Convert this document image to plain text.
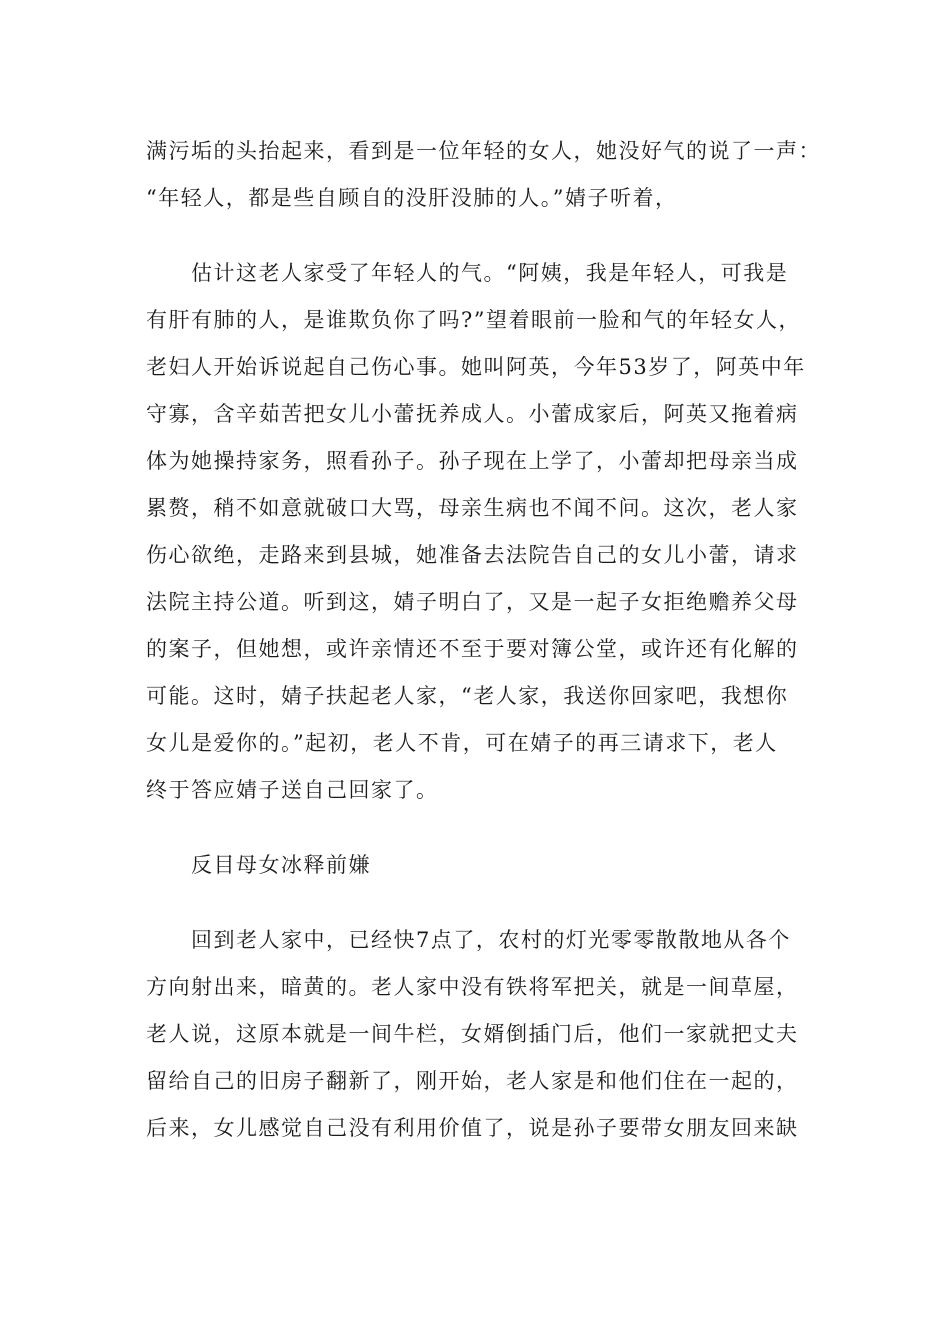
满污垢的头抬起来，看到是一位年轻的女人，她没好气的说了一声：
“年轻人，都是些自顾自的没肝没肺的人。”婧子听着，
　　估计这老人家受了年轻人的气。“阿姨，我是年轻人，可我是
有肝有肺的人，是谁欺负你了吗?”望着眼前一脸和气的年轻女人，
老妇人开始诉说起自己伤心事。她叫阿英，今年53岁了，阿英中年
守寡，含辛茹苦把女儿小蕾抚养成人。小蕾成家后，阿英又拖着病
体为她操持家务，照看孙子。孙子现在上学了，小蕾却把母亲当成
累赘，稍不如意就破口大骂，母亲生病也不闻不问。这次，老人家
伤心欲绝，走路来到县城，她准备去法院告自己的女儿小蕾，请求
法院主持公道。听到这，婧子明白了，又是一起子女拒绝赡养父母
的案子，但她想，或许亲情还不至于要对簿公堂，或许还有化解的
可能。这时，婧子扶起老人家，“老人家，我送你回家吧，我想你
女儿是爱你的。”起初，老人不肯，可在婧子的再三请求下，老人
终于答应婧子送自己回家了。
　　反目母女冰释前嫌
　　回到老人家中，已经快7点了，农村的灯光零零散散地从各个
方向射出来，暗黄的。老人家中没有铁将军把关，就是一间草屋，
老人说，这原本就是一间牛栏，女婿倒插门后，他们一家就把丈夫
留给自己的旧房子翻新了，刚开始，老人家是和他们住在一起的，
后来，女儿感觉自己没有利用价值了，说是孙子要带女朋友回来缺
